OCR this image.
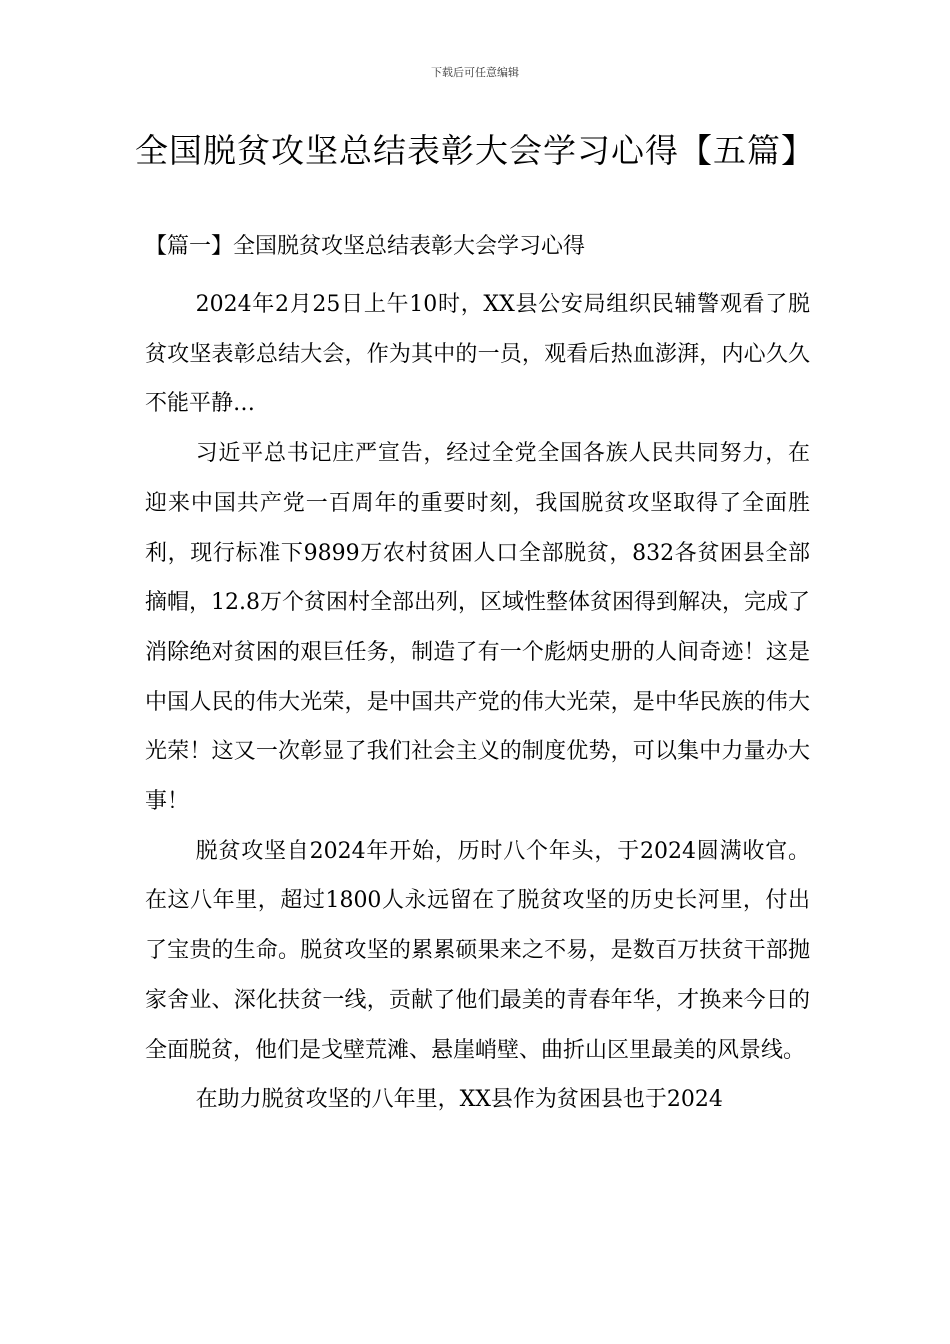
下载后可任意编辑
全国脱贫攻坚总结表彰大会学习心得【五篇】
【篇一】全国脱贫攻坚总结表彰大会学习心得

2024年2月25日上午10时，XX县公安局组织民辅警观看了脱贫攻坚表彰总结大会，作为其中的一员，观看后热血澎湃，内心久久不能平静…

习近平总书记庄严宣告，经过全党全国各族人民共同努力，在迎来中国共产党一百周年的重要时刻，我国脱贫攻坚取得了全面胜利，现行标准下9899万农村贫困人口全部脱贫，832各贫困县全部摘帽，12.8万个贫困村全部出列，区域性整体贫困得到解决，完成了消除绝对贫困的艰巨任务，制造了有一个彪炳史册的人间奇迹！这是中国人民的伟大光荣，是中国共产党的伟大光荣，是中华民族的伟大光荣！这又一次彰显了我们社会主义的制度优势，可以集中力量办大事！

脱贫攻坚自2024年开始，历时八个年头，于2024圆满收官。在这八年里，超过1800人永远留在了脱贫攻坚的历史长河里，付出了宝贵的生命。脱贫攻坚的累累硕果来之不易，是数百万扶贫干部抛家舍业、深化扶贫一线，贡献了他们最美的青春年华，才换来今日的全面脱贫，他们是戈壁荒滩、悬崖峭壁、曲折山区里最美的风景线。

在助力脱贫攻坚的八年里，XX县作为贫困县也于2024
